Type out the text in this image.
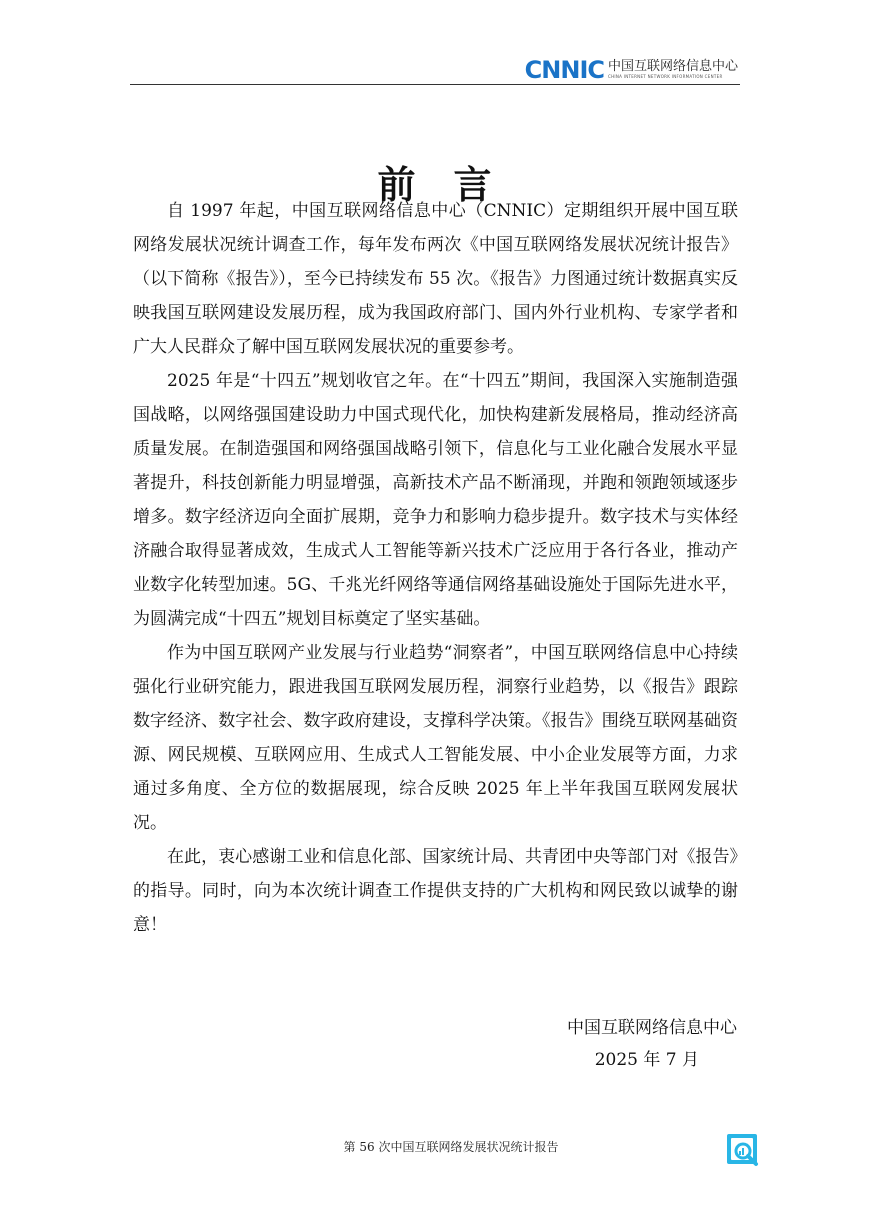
CNNIC 中国互联网络信息中心
CHINA INTERNET NETWORK INFORMATION CENTER
前言

自 1997 年起，中国互联网络信息中心（CNNIC）定期组织开展中国互联网络发展状况统计调查工作，每年发布两次《中国互联网络发展状况统计报告》（以下简称《报告》），至今已持续发布 55 次。《报告》力图通过统计数据真实反映我国互联网建设发展历程，成为我国政府部门、国内外行业机构、专家学者和广大人民群众了解中国互联网发展状况的重要参考。

2025 年是“十四五”规划收官之年。在“十四五”期间，我国深入实施制造强国战略，以网络强国建设助力中国式现代化，加快构建新发展格局，推动经济高质量发展。在制造强国和网络强国战略引领下，信息化与工业化融合发展水平显著提升，科技创新能力明显增强，高新技术产品不断涌现，并跑和领跑领域逐步增多。数字经济迈向全面扩展期，竞争力和影响力稳步提升。数字技术与实体经济融合取得显著成效，生成式人工智能等新兴技术广泛应用于各行各业，推动产业数字化转型加速。5G、千兆光纤网络等通信网络基础设施处于国际先进水平，为圆满完成“十四五”规划目标奠定了坚实基础。

作为中国互联网产业发展与行业趋势“洞察者”，中国互联网络信息中心持续强化行业研究能力，跟进我国互联网发展历程，洞察行业趋势，以《报告》跟踪数字经济、数字社会、数字政府建设，支撑科学决策。《报告》围绕互联网基础资源、网民规模、互联网应用、生成式人工智能发展、中小企业发展等方面，力求通过多角度、全方位的数据展现，综合反映 2025 年上半年我国互联网发展状况。

在此，衷心感谢工业和信息化部、国家统计局、共青团中央等部门对《报告》的指导。同时，向为本次统计调查工作提供支持的广大机构和网民致以诚挚的谢意！

中国互联网络信息中心
2025 年 7 月
第 56 次中国互联网络发展状况统计报告
